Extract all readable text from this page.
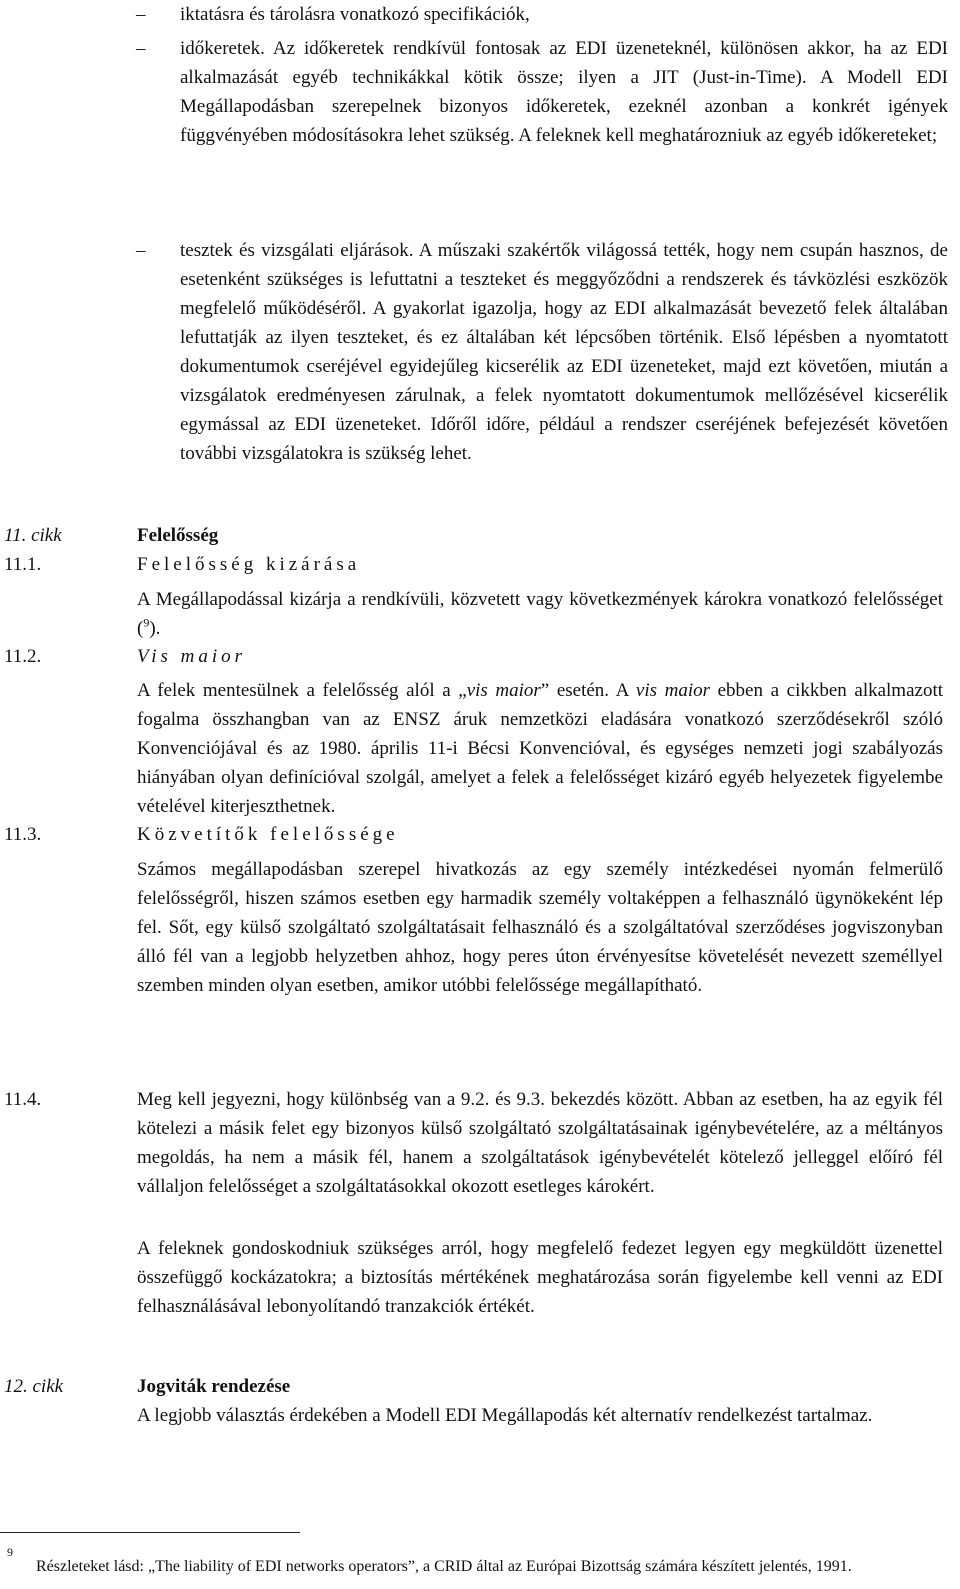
– iktatásra és tárolásra vonatkozó specifikációk,
– időkeretek. Az időkeretek rendkívül fontosak az EDI üzeneteknél, különösen akkor, ha az EDI alkalmazását egyéb technikákkal kötik össze; ilyen a JIT (Just-in-Time). A Modell EDI Megállapodásban szerepelnek bizonyos időkeretek, ezeknél azonban a konkrét igények függvényében módosításokra lehet szükség. A feleknek kell meghatározniuk az egyéb időkereteket;
– tesztek és vizsgálati eljárások. A műszaki szakértők világossá tették, hogy nem csupán hasznos, de esetenként szükséges is lefuttatni a teszteket és meggyőződni a rendszerek és távközlési eszközök megfelelő működéséről. A gyakorlat igazolja, hogy az EDI alkalmazását bevezető felek általában lefuttatják az ilyen teszteket, és ez általában két lépcsőben történik. Első lépésben a nyomtatott dokumentumok cseréjével egyidejűleg kicserélik az EDI üzeneteket, majd ezt követően, miután a vizsgálatok eredményesen zárulnak, a felek nyomtatott dokumentumok mellőzésével kicserélik egymással az EDI üzeneteket. Időről időre, például a rendszer cseréjének befejezését követően további vizsgálatokra is szükség lehet.
11. cikk	Felelősség
11.1.	Felelősség kizárása
A Megállapodással kizárja a rendkívüli, közvetett vagy következmények károkra vonatkozó felelősséget ($^9$).
11.2.	Vis maior
A felek mentesülnek a felelősség alól a „vis maior” esetén. A vis maior ebben a cikkben alkalmazott fogalma összhangban van az ENSZ áruk nemzetközi eladására vonatkozó szerződésekről szóló Konvenciójával és az 1980. április 11-i Bécsi Konvencióval, és egységes nemzeti jogi szabályozás hiányában olyan definícióval szolgál, amelyet a felek a felelősséget kizáró egyéb helyezetek figyelembe vételével kiterjeszthetnek.
11.3.	Közvetítők felelőssége
Számos megállapodásban szerepel hivatkozás az egy személy intézkedései nyomán felmerülő felelősségről, hiszen számos esetben egy harmadik személy voltaképpen a felhasználó ügynökeként lép fel. Sőt, egy külső szolgáltató szolgáltatásait felhasználó és a szolgáltatóval szerződéses jogviszonyban álló fél van a legjobb helyzetben ahhoz, hogy peres úton érvényesítse követelését nevezett személlyel szemben minden olyan esetben, amikor utóbbi felelőssége megállapítható.
11.4.	Meg kell jegyezni, hogy különbség van a 9.2. és 9.3. bekezdés között. Abban az esetben, ha az egyik fél kötelezi a másik felet egy bizonyos külső szolgáltató szolgáltatásainak igénybevételére, az a méltányos megoldás, ha nem a másik fél, hanem a szolgáltatások igénybevételét kötelező jelleggel előíró fél vállaljon felelősséget a szolgáltatásokkal okozott esetleges károkért.
A feleknek gondoskodniuk szükséges arról, hogy megfelelő fedezet legyen egy megküldött üzenettel összefüggő kockázatokra; a biztosítás mértékének meghatározása során figyelembe kell venni az EDI felhasználásával lebonyolítandó tranzakciók értékét.
12. cikk	Jogviták rendezése
A legjobb választás érdekében a Modell EDI Megállapodás két alternatív rendelkezést tartalmaz.
9
Részleteket lásd: „The liability of EDI networks operators”, a CRID által az Európai Bizottság számára készített jelentés, 1991.
